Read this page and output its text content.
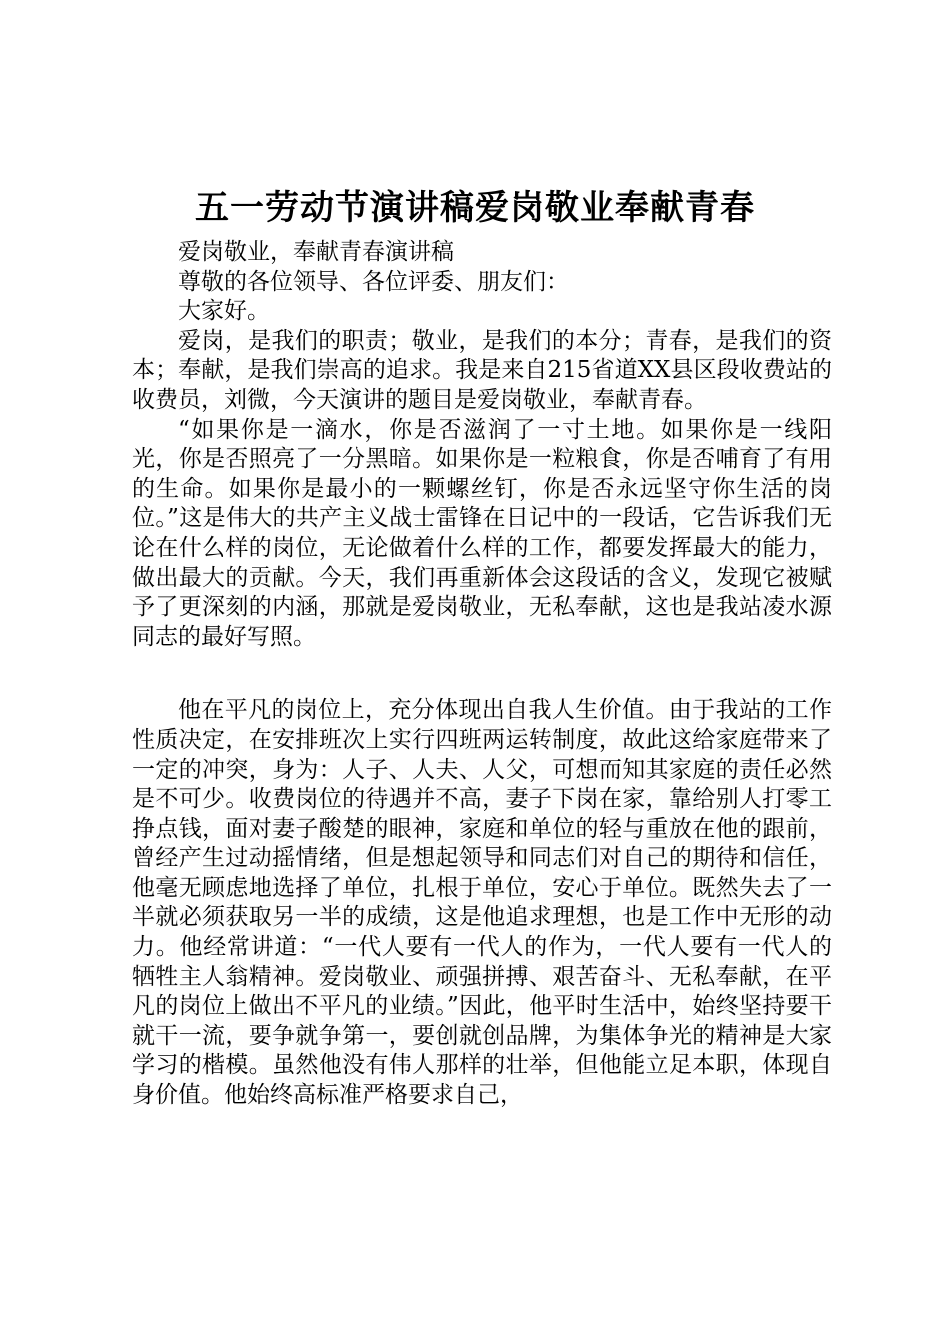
五一劳动节演讲稿爱岗敬业奉献青春

爱岗敬业，奉献青春演讲稿

尊敬的各位领导、各位评委、朋友们：

大家好。

爱岗，是我们的职责；敬业，是我们的本分；青春，是我们的资本；奉献，是我们崇高的追求。我是来自215省道XX县区段收费站的收费员，刘微，今天演讲的题目是爱岗敬业，奉献青春。

“如果你是一滴水，你是否滋润了一寸土地。如果你是一线阳光，你是否照亮了一分黑暗。如果你是一粒粮食，你是否哺育了有用的生命。如果你是最小的一颗螺丝钉，你是否永远坚守你生活的岗位。”这是伟大的共产主义战士雷锋在日记中的一段话，它告诉我们无论在什么样的岗位，无论做着什么样的工作，都要发挥最大的能力，做出最大的贡献。今天，我们再重新体会这段话的含义，发现它被赋予了更深刻的内涵，那就是爱岗敬业，无私奉献，这也是我站凌水源同志的最好写照。

他在平凡的岗位上，充分体现出自我人生价值。由于我站的工作性质决定，在安排班次上实行四班两运转制度，故此这给家庭带来了一定的冲突，身为：人子、人夫、人父，可想而知其家庭的责任必然是不可少。收费岗位的待遇并不高，妻子下岗在家，靠给别人打零工挣点钱，面对妻子酸楚的眼神，家庭和单位的轻与重放在他的跟前，曾经产生过动摇情绪，但是想起领导和同志们对自己的期待和信任，他毫无顾虑地选择了单位，扎根于单位，安心于单位。既然失去了一半就必须获取另一半的成绩，这是他追求理想，也是工作中无形的动力。他经常讲道：“一代人要有一代人的作为，一代人要有一代人的牺牲主人翁精神。爱岗敬业、顽强拼搏、艰苦奋斗、无私奉献，在平凡的岗位上做出不平凡的业绩。”因此，他平时生活中，始终坚持要干就干一流，要争就争第一，要创就创品牌，为集体争光的精神是大家学习的楷模。虽然他没有伟人那样的壮举，但他能立足本职，体现自身价值。他始终高标准严格要求自己，
